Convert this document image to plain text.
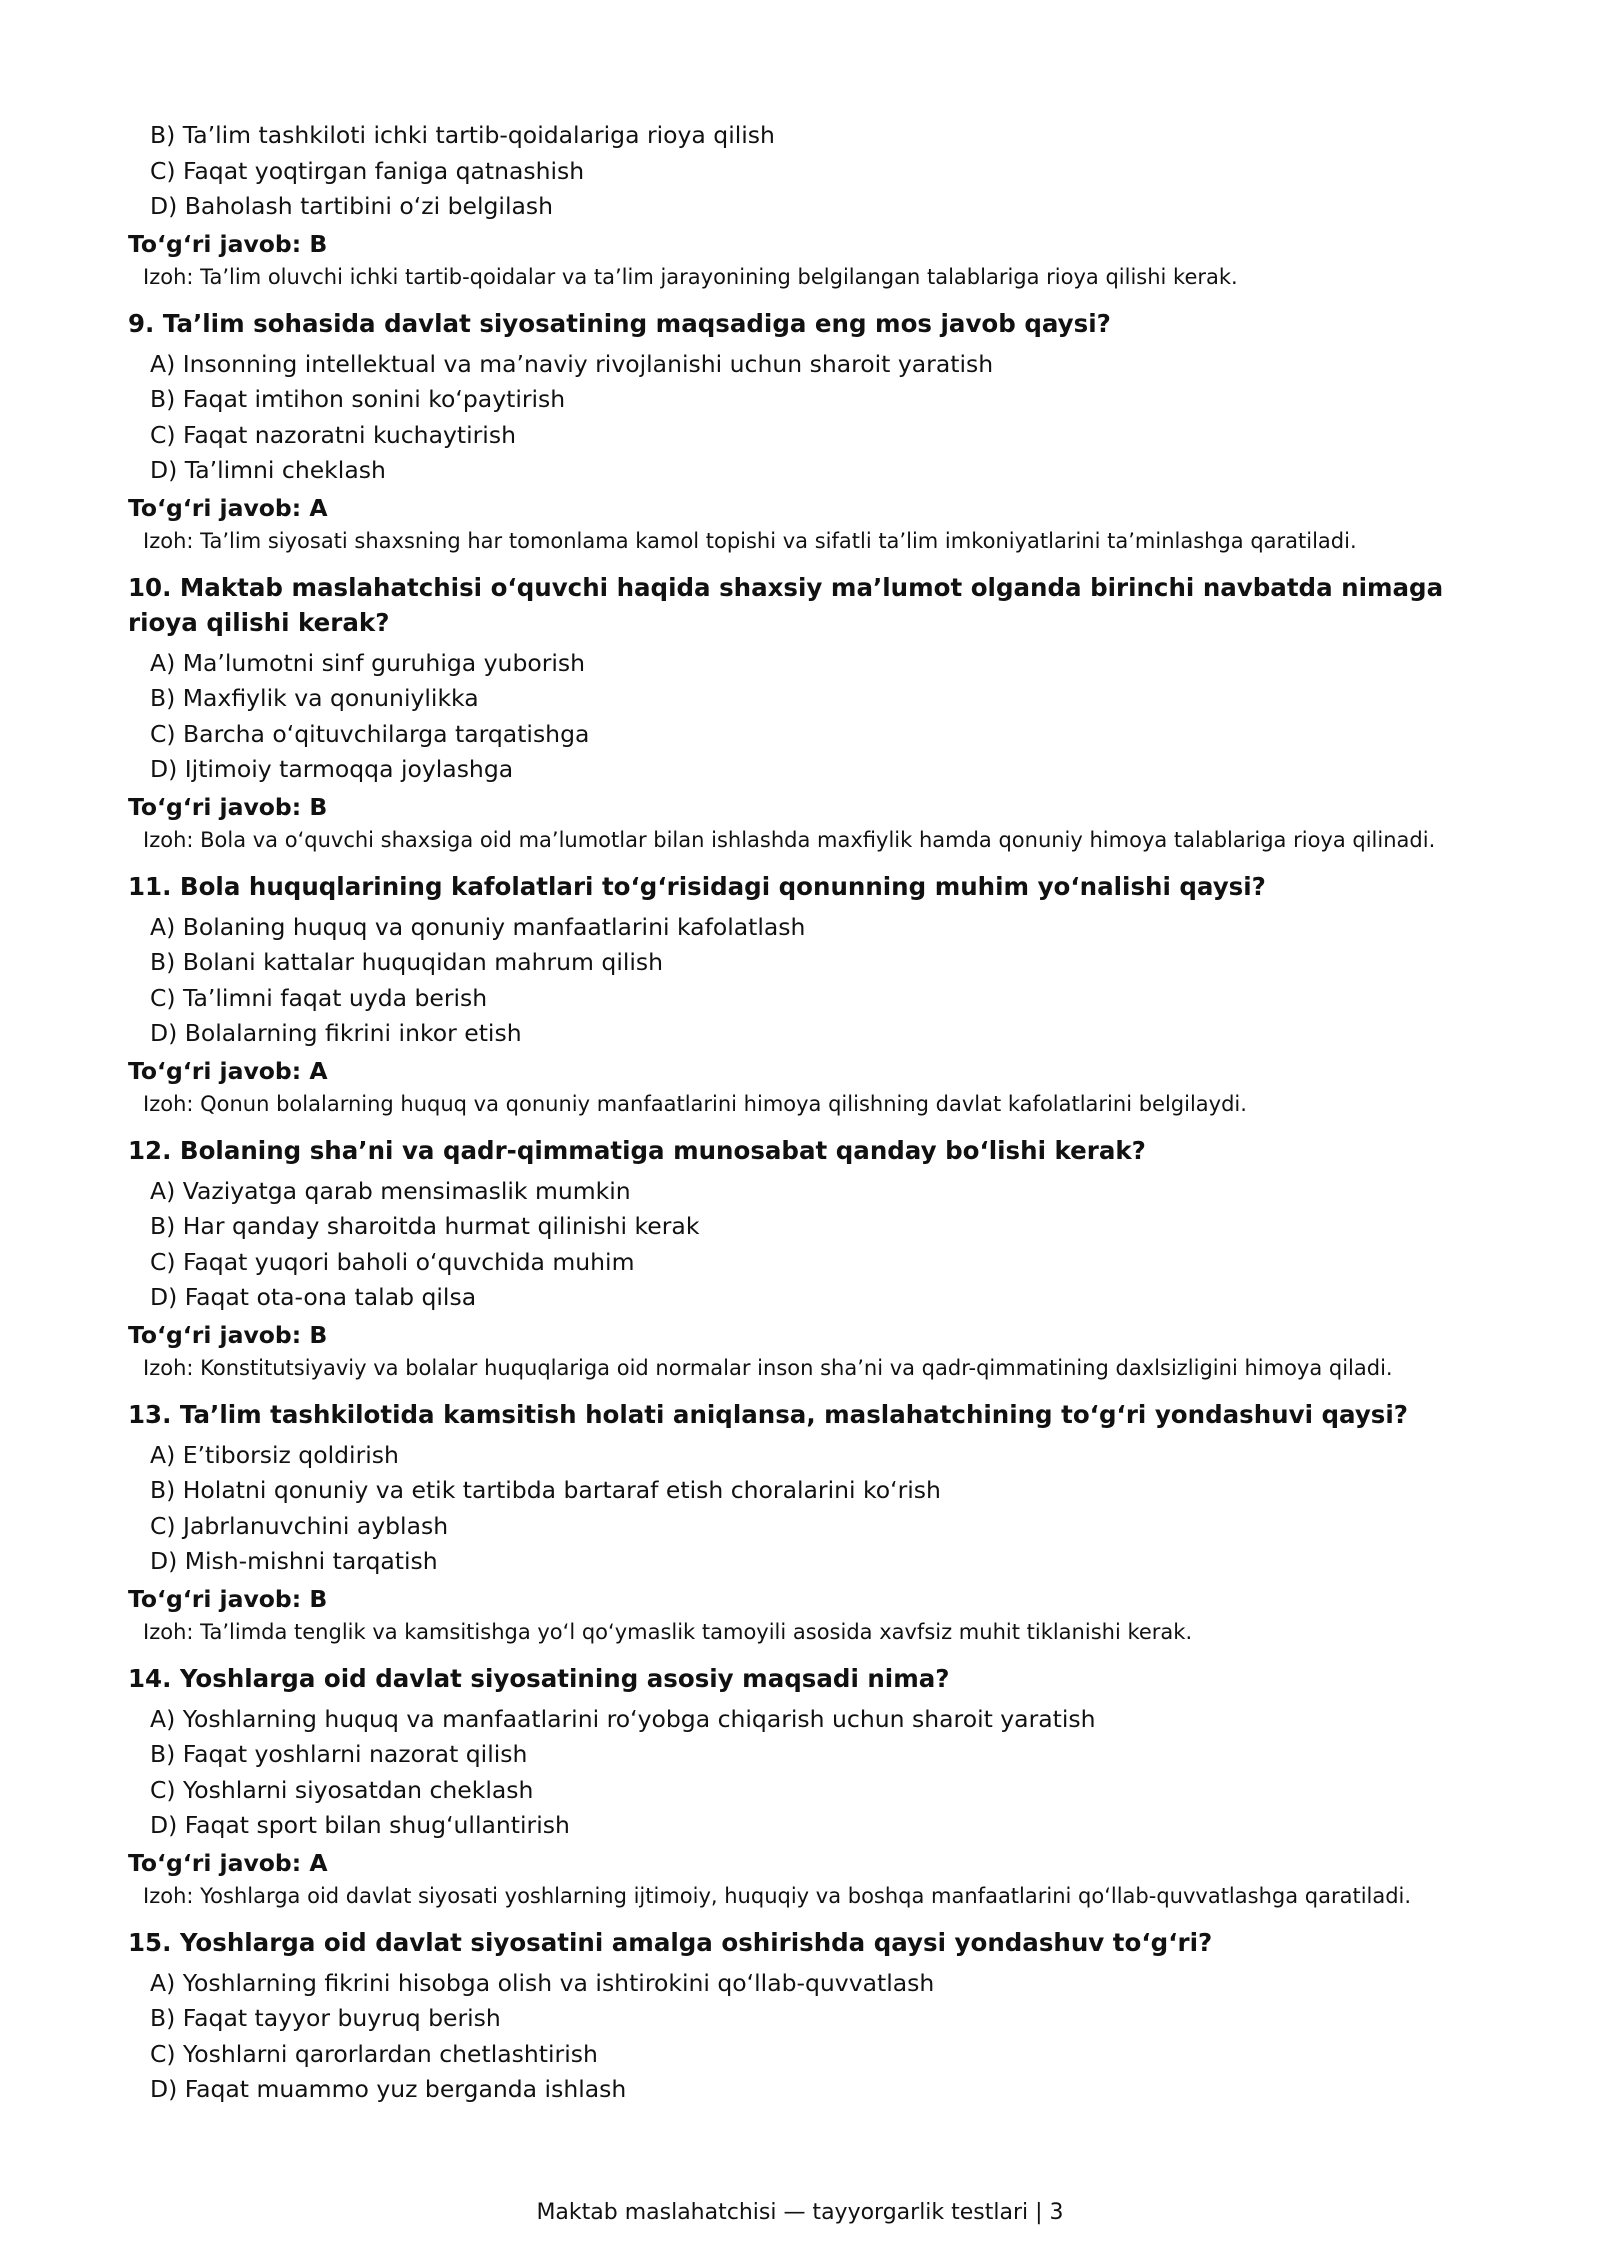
B) Ta’lim tashkiloti ichki tartib-qoidalariga rioya qilish
C) Faqat yoqtirgan faniga qatnashish
D) Baholash tartibini o‘zi belgilash
To‘g‘ri javob: B
Izoh: Ta’lim oluvchi ichki tartib-qoidalar va ta’lim jarayonining belgilangan talablariga rioya qilishi kerak.
9. Ta’lim sohasida davlat siyosatining maqsadiga eng mos javob qaysi?
A) Insonning intellektual va ma’naviy rivojlanishi uchun sharoit yaratish
B) Faqat imtihon sonini ko‘paytirish
C) Faqat nazoratni kuchaytirish
D) Ta’limni cheklash
To‘g‘ri javob: A
Izoh: Ta’lim siyosati shaxsning har tomonlama kamol topishi va sifatli ta’lim imkoniyatlarini ta’minlashga qaratiladi.
10. Maktab maslahatchisi o‘quvchi haqida shaxsiy ma’lumot olganda birinchi navbatda nimaga rioya qilishi kerak?
A) Ma’lumotni sinf guruhiga yuborish
B) Maxfiylik va qonuniylikka
C) Barcha o‘qituvchilarga tarqatishga
D) Ijtimoiy tarmoqqa joylashga
To‘g‘ri javob: B
Izoh: Bola va o‘quvchi shaxsiga oid ma’lumotlar bilan ishlashda maxfiylik hamda qonuniy himoya talablariga rioya qilinadi.
11. Bola huquqlarining kafolatlari to‘g‘risidagi qonunning muhim yo‘nalishi qaysi?
A) Bolaning huquq va qonuniy manfaatlarini kafolatlash
B) Bolani kattalar huquqidan mahrum qilish
C) Ta’limni faqat uyda berish
D) Bolalarning fikrini inkor etish
To‘g‘ri javob: A
Izoh: Qonun bolalarning huquq va qonuniy manfaatlarini himoya qilishning davlat kafolatlarini belgilaydi.
12. Bolaning sha’ni va qadr-qimmatiga munosabat qanday bo‘lishi kerak?
A) Vaziyatga qarab mensimaslik mumkin
B) Har qanday sharoitda hurmat qilinishi kerak
C) Faqat yuqori baholi o‘quvchida muhim
D) Faqat ota-ona talab qilsa
To‘g‘ri javob: B
Izoh: Konstitutsiyaviy va bolalar huquqlariga oid normalar inson sha’ni va qadr-qimmatining daxlsizligini himoya qiladi.
13. Ta’lim tashkilotida kamsitish holati aniqlansa, maslahatchining to‘g‘ri yondashuvi qaysi?
A) E’tiborsiz qoldirish
B) Holatni qonuniy va etik tartibda bartaraf etish choralarini ko‘rish
C) Jabrlanuvchini ayblash
D) Mish-mishni tarqatish
To‘g‘ri javob: B
Izoh: Ta’limda tenglik va kamsitishga yo‘l qo‘ymaslik tamoyili asosida xavfsiz muhit tiklanishi kerak.
14. Yoshlarga oid davlat siyosatining asosiy maqsadi nima?
A) Yoshlarning huquq va manfaatlarini ro‘yobga chiqarish uchun sharoit yaratish
B) Faqat yoshlarni nazorat qilish
C) Yoshlarni siyosatdan cheklash
D) Faqat sport bilan shug‘ullantirish
To‘g‘ri javob: A
Izoh: Yoshlarga oid davlat siyosati yoshlarning ijtimoiy, huquqiy va boshqa manfaatlarini qo‘llab-quvvatlashga qaratiladi.
15. Yoshlarga oid davlat siyosatini amalga oshirishda qaysi yondashuv to‘g‘ri?
A) Yoshlarning fikrini hisobga olish va ishtirokini qo‘llab-quvvatlash
B) Faqat tayyor buyruq berish
C) Yoshlarni qarorlardan chetlashtirish
D) Faqat muammo yuz berganda ishlash
Maktab maslahatchisi — tayyorgarlik testlari | 3
